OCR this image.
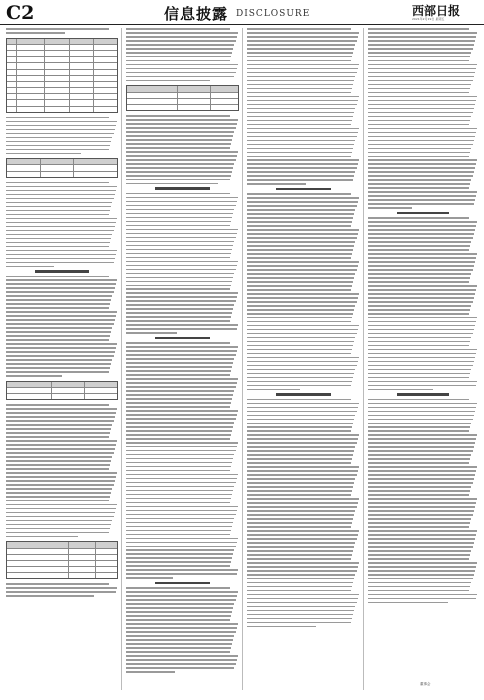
C2	信息披露 DISCLOSURE	西部日报
2021年2月19日 星期五
董事会
